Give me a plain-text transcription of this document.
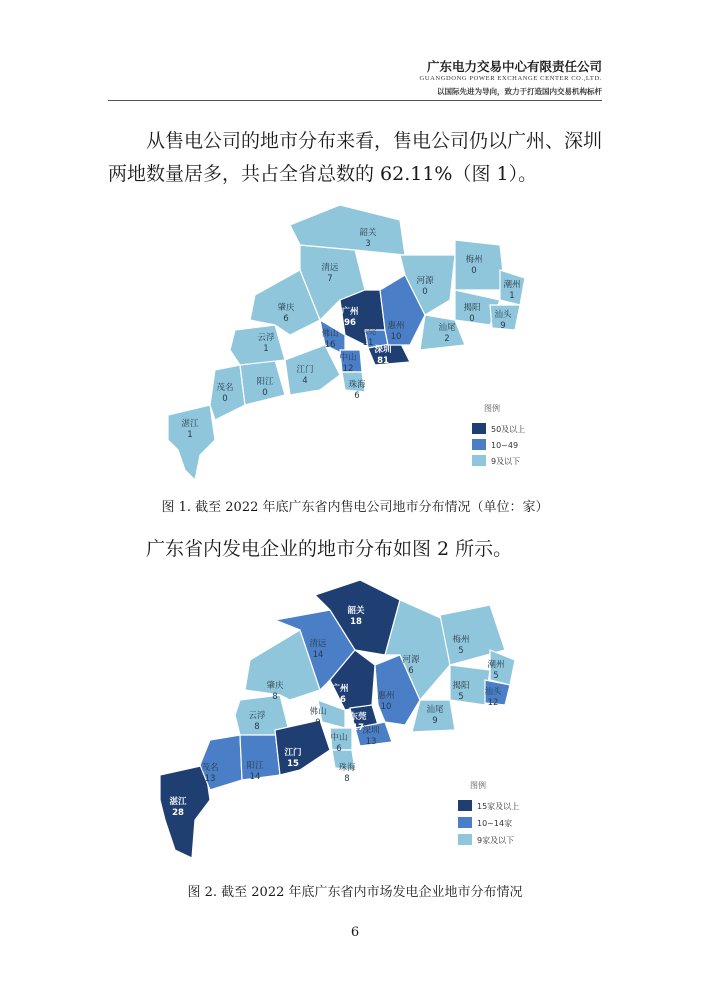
广东电力交易中心有限责任公司
GUANGDONG POWER EXCHANGE CENTER CO.,LTD.
以国际先进为导向，致力于打造国内交易机构标杆
从售电公司的地市分布来看，售电公司仍以广州、深圳两地数量居多，共占全省总数的 62.11%（图 1）。
韶关
3
清远
7	河源
0
梅州
0
潮州
1
揭阳
0 汕头
9
汕尾
2
肇庆
6
广州
96	惠州
10
佛山
16
东莞
11
深圳
81
云浮
1
中山
12
江门
4	珠海
6
茂名
0
阳江
0
湛江
1
图例
50及以上
10~49
9及以下
图 1. 截至 2022 年底广东省内售电公司地市分布情况（单位：家）
广东省内发电企业的地市分布如图 2 所示。
韶关
18
清远
14	河源
6
梅州
5
潮州
5
揭阳
5 汕头
12
汕尾
9
肇庆
8
广州
16	惠州
10
佛山
9
东莞
17
深圳
13
云浮
8
中山
6
江门
15	珠海
8
茂名
13
阳江
14
湛江
28
图例
15家及以上
10~14家
9家及以下
图 2. 截至 2022 年底广东省内市场发电企业地市分布情况
6
